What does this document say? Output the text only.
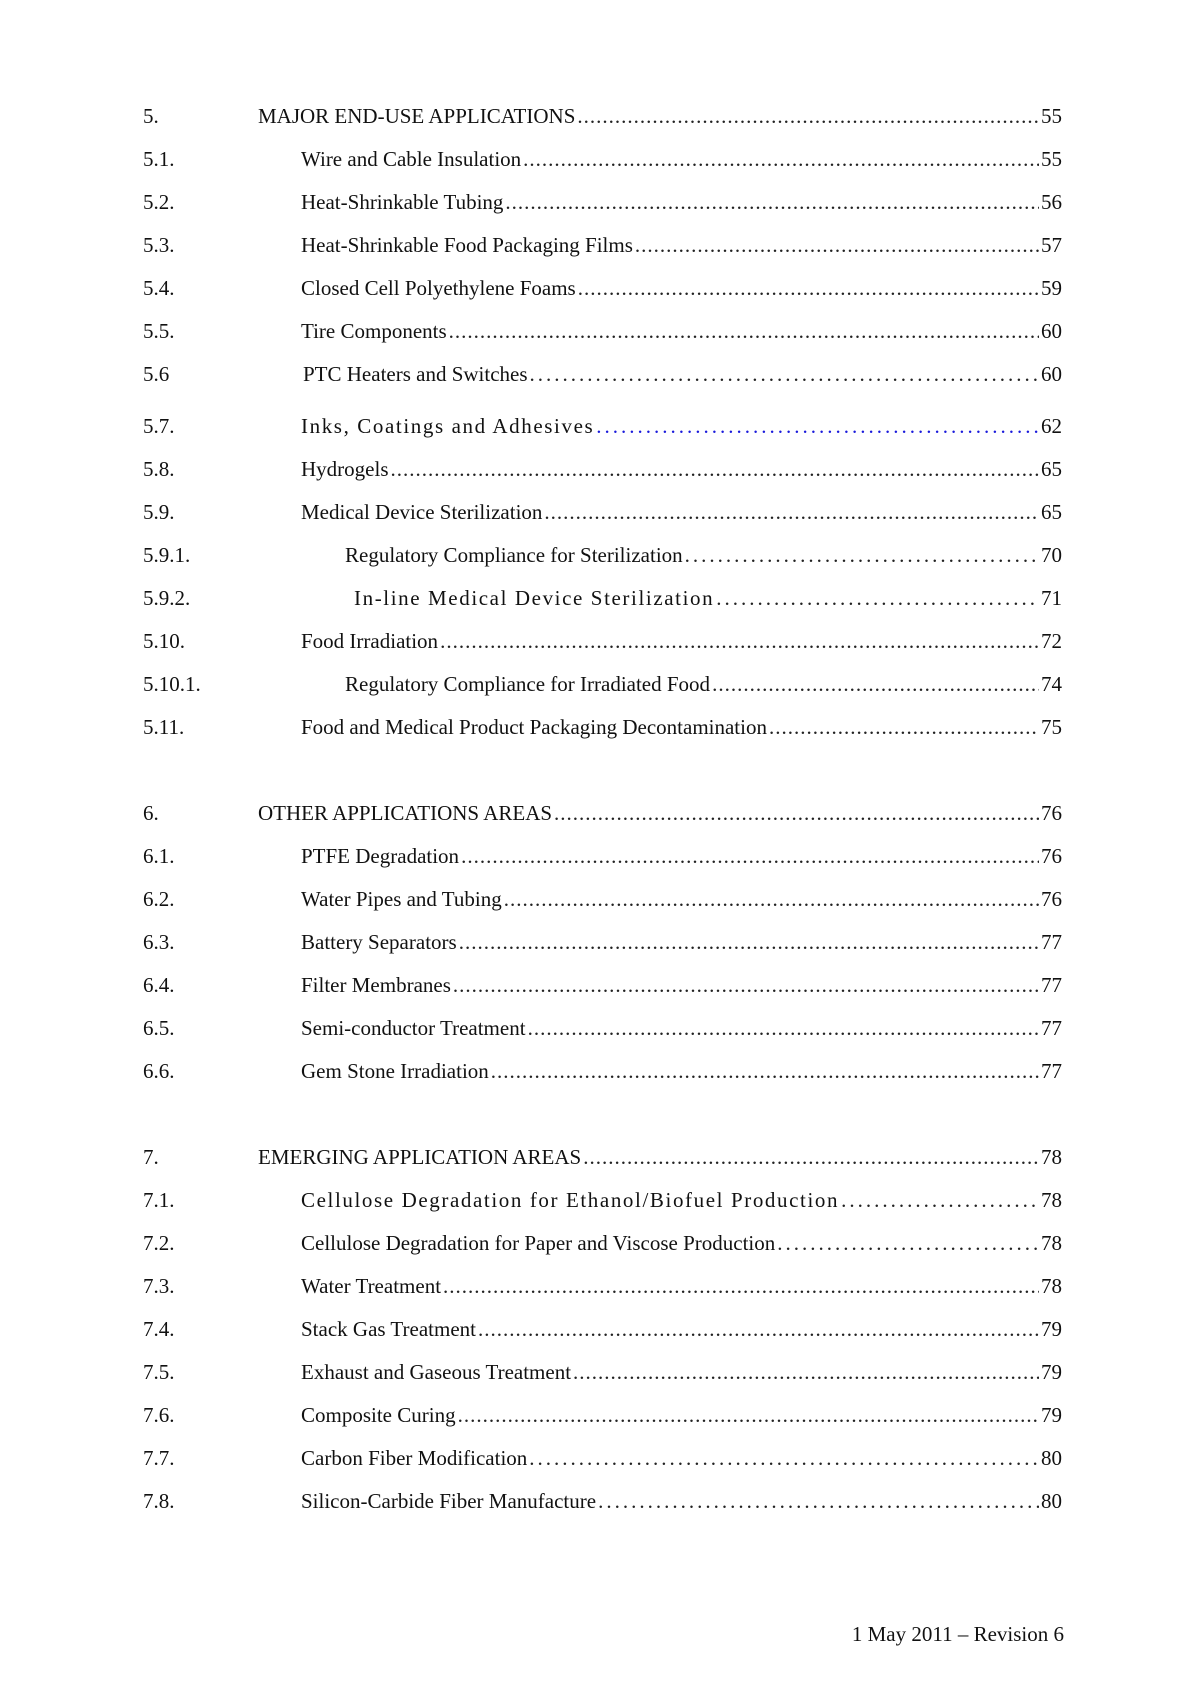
5.	MAJOR END-USE APPLICATIONS .....	55
5.1.	Wire and Cable Insulation .....	55
5.2.	Heat-Shrinkable Tubing .....	56
5.3.	Heat-Shrinkable Food Packaging Films .....	57
5.4.	Closed Cell Polyethylene Foams .....	59
5.5.	Tire Components .....	60
5.6	PTC Heaters and Switches .....	60
5.7.	Inks, Coatings and Adhesives .....	62
5.8.	Hydrogels .....	65
5.9.	Medical Device Sterilization .....	65
5.9.1.	Regulatory Compliance for Sterilization .....	70
5.9.2.	In-line Medical Device Sterilization .....	71
5.10.	Food Irradiation .....	72
5.10.1.	Regulatory Compliance for Irradiated Food .....	74
5.11.	Food and Medical Product Packaging Decontamination .....	75
6.	OTHER APPLICATIONS AREAS .....	76
6.1.	PTFE Degradation .....	76
6.2.	Water Pipes and Tubing .....	76
6.3.	Battery Separators .....	77
6.4.	Filter Membranes .....	77
6.5.	Semi-conductor Treatment .....	77
6.6.	Gem Stone Irradiation .....	77
7.	EMERGING APPLICATION AREAS .....	78
7.1.	Cellulose Degradation for Ethanol/Biofuel Production .....	78
7.2.	Cellulose Degradation for Paper and Viscose Production .....	78
7.3.	Water Treatment .....	78
7.4.	Stack Gas Treatment .....	79
7.5.	Exhaust and Gaseous Treatment .....	79
7.6.	Composite Curing .....	79
7.7.	Carbon Fiber Modification .....	80
7.8.	Silicon-Carbide Fiber Manufacture .....	80
1 May 2011 – Revision 6
